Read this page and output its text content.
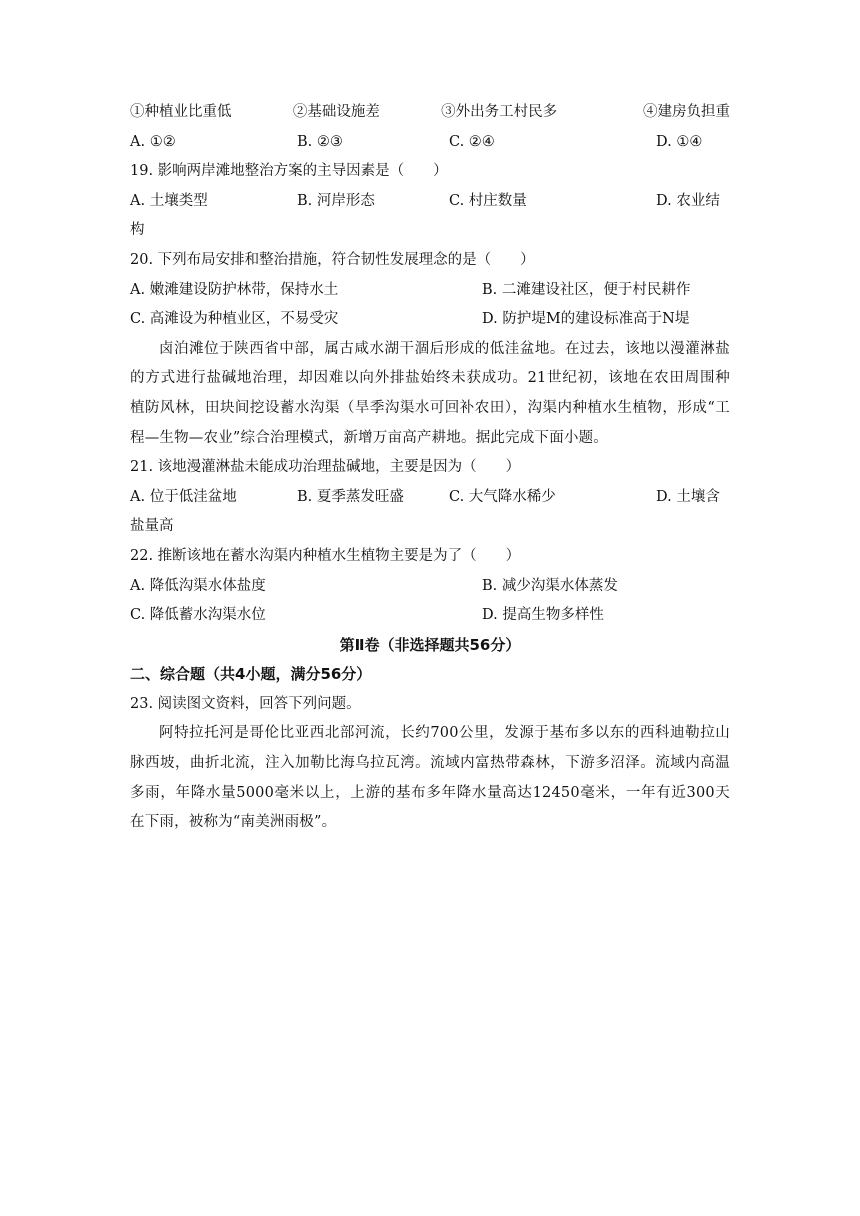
①种植业比重低	②基础设施差	③外出务工村民多	④建房负担重
A. ①②	B. ②③	C. ②④	D. ①④
19. 影响两岸滩地整治方案的主导因素是（　　）
A. 土壤类型	B. 河岸形态	C. 村庄数量	D. 农业结
构
20. 下列布局安排和整治措施，符合韧性发展理念的是（　　）
A. 嫩滩建设防护林带，保持水土	B. 二滩建设社区，便于村民耕作
C. 高滩设为种植业区，不易受灾	D. 防护堤M的建设标准高于N堤
卤泊滩位于陕西省中部，属古咸水湖干涸后形成的低洼盆地。在过去，该地以漫灌淋盐
的方式进行盐碱地治理，却因难以向外排盐始终未获成功。21世纪初，该地在农田周围种
植防风林，田块间挖设蓄水沟渠（旱季沟渠水可回补农田），沟渠内种植水生植物，形成“工
程—生物—农业”综合治理模式，新增万亩高产耕地。据此完成下面小题。
21. 该地漫灌淋盐未能成功治理盐碱地，主要是因为（　　）
A. 位于低洼盆地	B. 夏季蒸发旺盛	C. 大气降水稀少	D. 土壤含
盐量高
22. 推断该地在蓄水沟渠内种植水生植物主要是为了（　　）
A. 降低沟渠水体盐度	B. 减少沟渠水体蒸发
C. 降低蓄水沟渠水位	D. 提高生物多样性
第Ⅱ卷（非选择题共56分）
二、综合题（共4小题，满分56分）
23. 阅读图文资料，回答下列问题。
阿特拉托河是哥伦比亚西北部河流，长约700公里，发源于基布多以东的西科迪勒拉山
脉西坡，曲折北流，注入加勒比海乌拉瓦湾。流域内富热带森林，下游多沼泽。流域内高温
多雨，年降水量5000毫米以上，上游的基布多年降水量高达12450毫米，一年有近300天
在下雨，被称为“南美洲雨极”。
